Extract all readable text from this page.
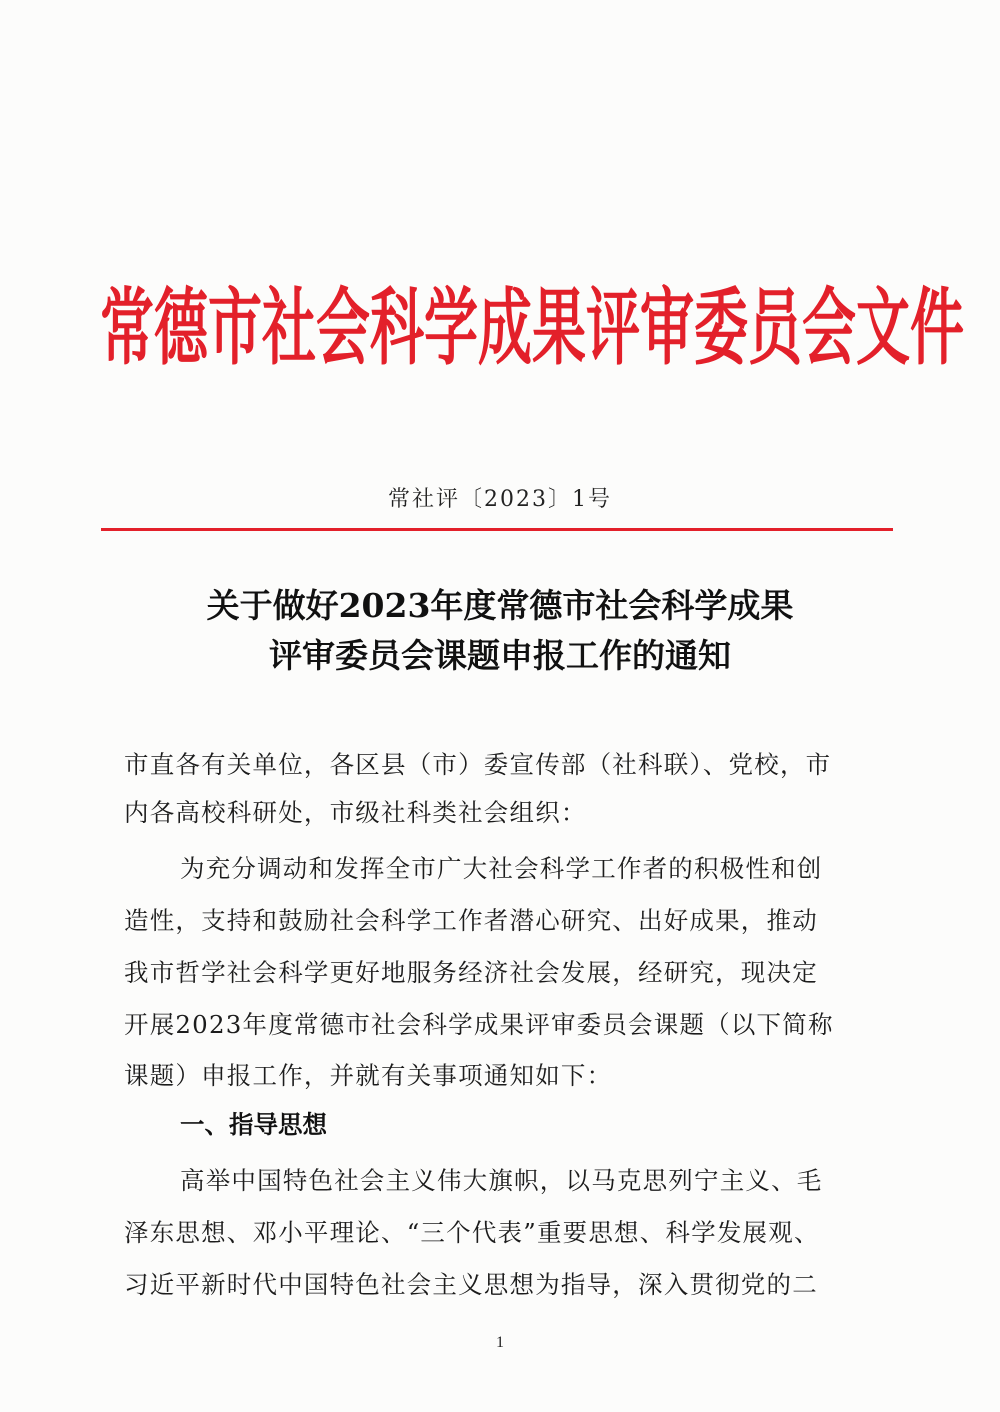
常德市社会科学成果评审委员会文件
常社评〔2023〕1号
关于做好2023年度常德市社会科学成果
评审委员会课题申报工作的通知
市直各有关单位，各区县（市）委宣传部（社科联）、党校，市
内各高校科研处，市级社科类社会组织：
为充分调动和发挥全市广大社会科学工作者的积极性和创
造性，支持和鼓励社会科学工作者潜心研究、出好成果，推动
我市哲学社会科学更好地服务经济社会发展，经研究，现决定
开展2023年度常德市社会科学成果评审委员会课题（以下简称
课题）申报工作，并就有关事项通知如下：
一、指导思想
高举中国特色社会主义伟大旗帜，以马克思列宁主义、毛
泽东思想、邓小平理论、“三个代表”重要思想、科学发展观、
习近平新时代中国特色社会主义思想为指导，深入贯彻党的二
1
